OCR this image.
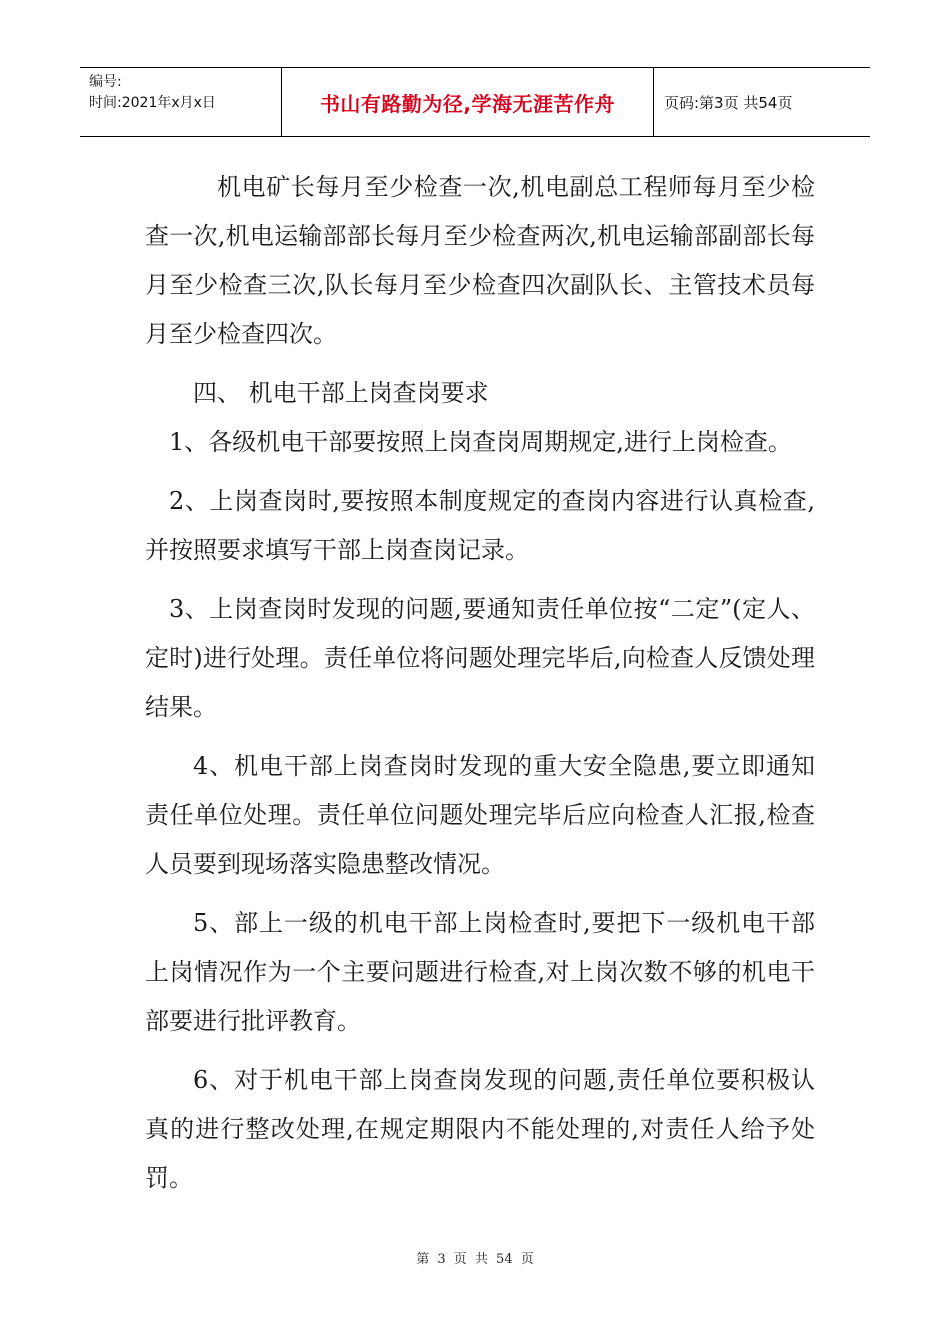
编号:
时间:2021年x月x日	书山有路勤为径,学海无涯苦作舟	页码:第3页 共54页

机电矿长每月至少检查一次,机电副总工程师每月至少检查一次,机电运输部部长每月至少检查两次,机电运输部副部长每月至少检查三次,队长每月至少检查四次副队长、主管技术员每月至少检查四次。

四、 机电干部上岗查岗要求

1、各级机电干部要按照上岗查岗周期规定,进行上岗检查。

2、上岗查岗时,要按照本制度规定的查岗内容进行认真检查,并按照要求填写干部上岗查岗记录。

3、上岗查岗时发现的问题,要通知责任单位按“二定”(定人、定时)进行处理。责任单位将问题处理完毕后,向检查人反馈处理结果。

4、机电干部上岗查岗时发现的重大安全隐患,要立即通知责任单位处理。责任单位问题处理完毕后应向检查人汇报,检查人员要到现场落实隐患整改情况。

5、部上一级的机电干部上岗检查时,要把下一级机电干部上岗情况作为一个主要问题进行检查,对上岗次数不够的机电干部要进行批评教育。

6、对于机电干部上岗查岗发现的问题,责任单位要积极认真的进行整改处理,在规定期限内不能处理的,对责任人给予处罚。

第 3 页 共 54 页
